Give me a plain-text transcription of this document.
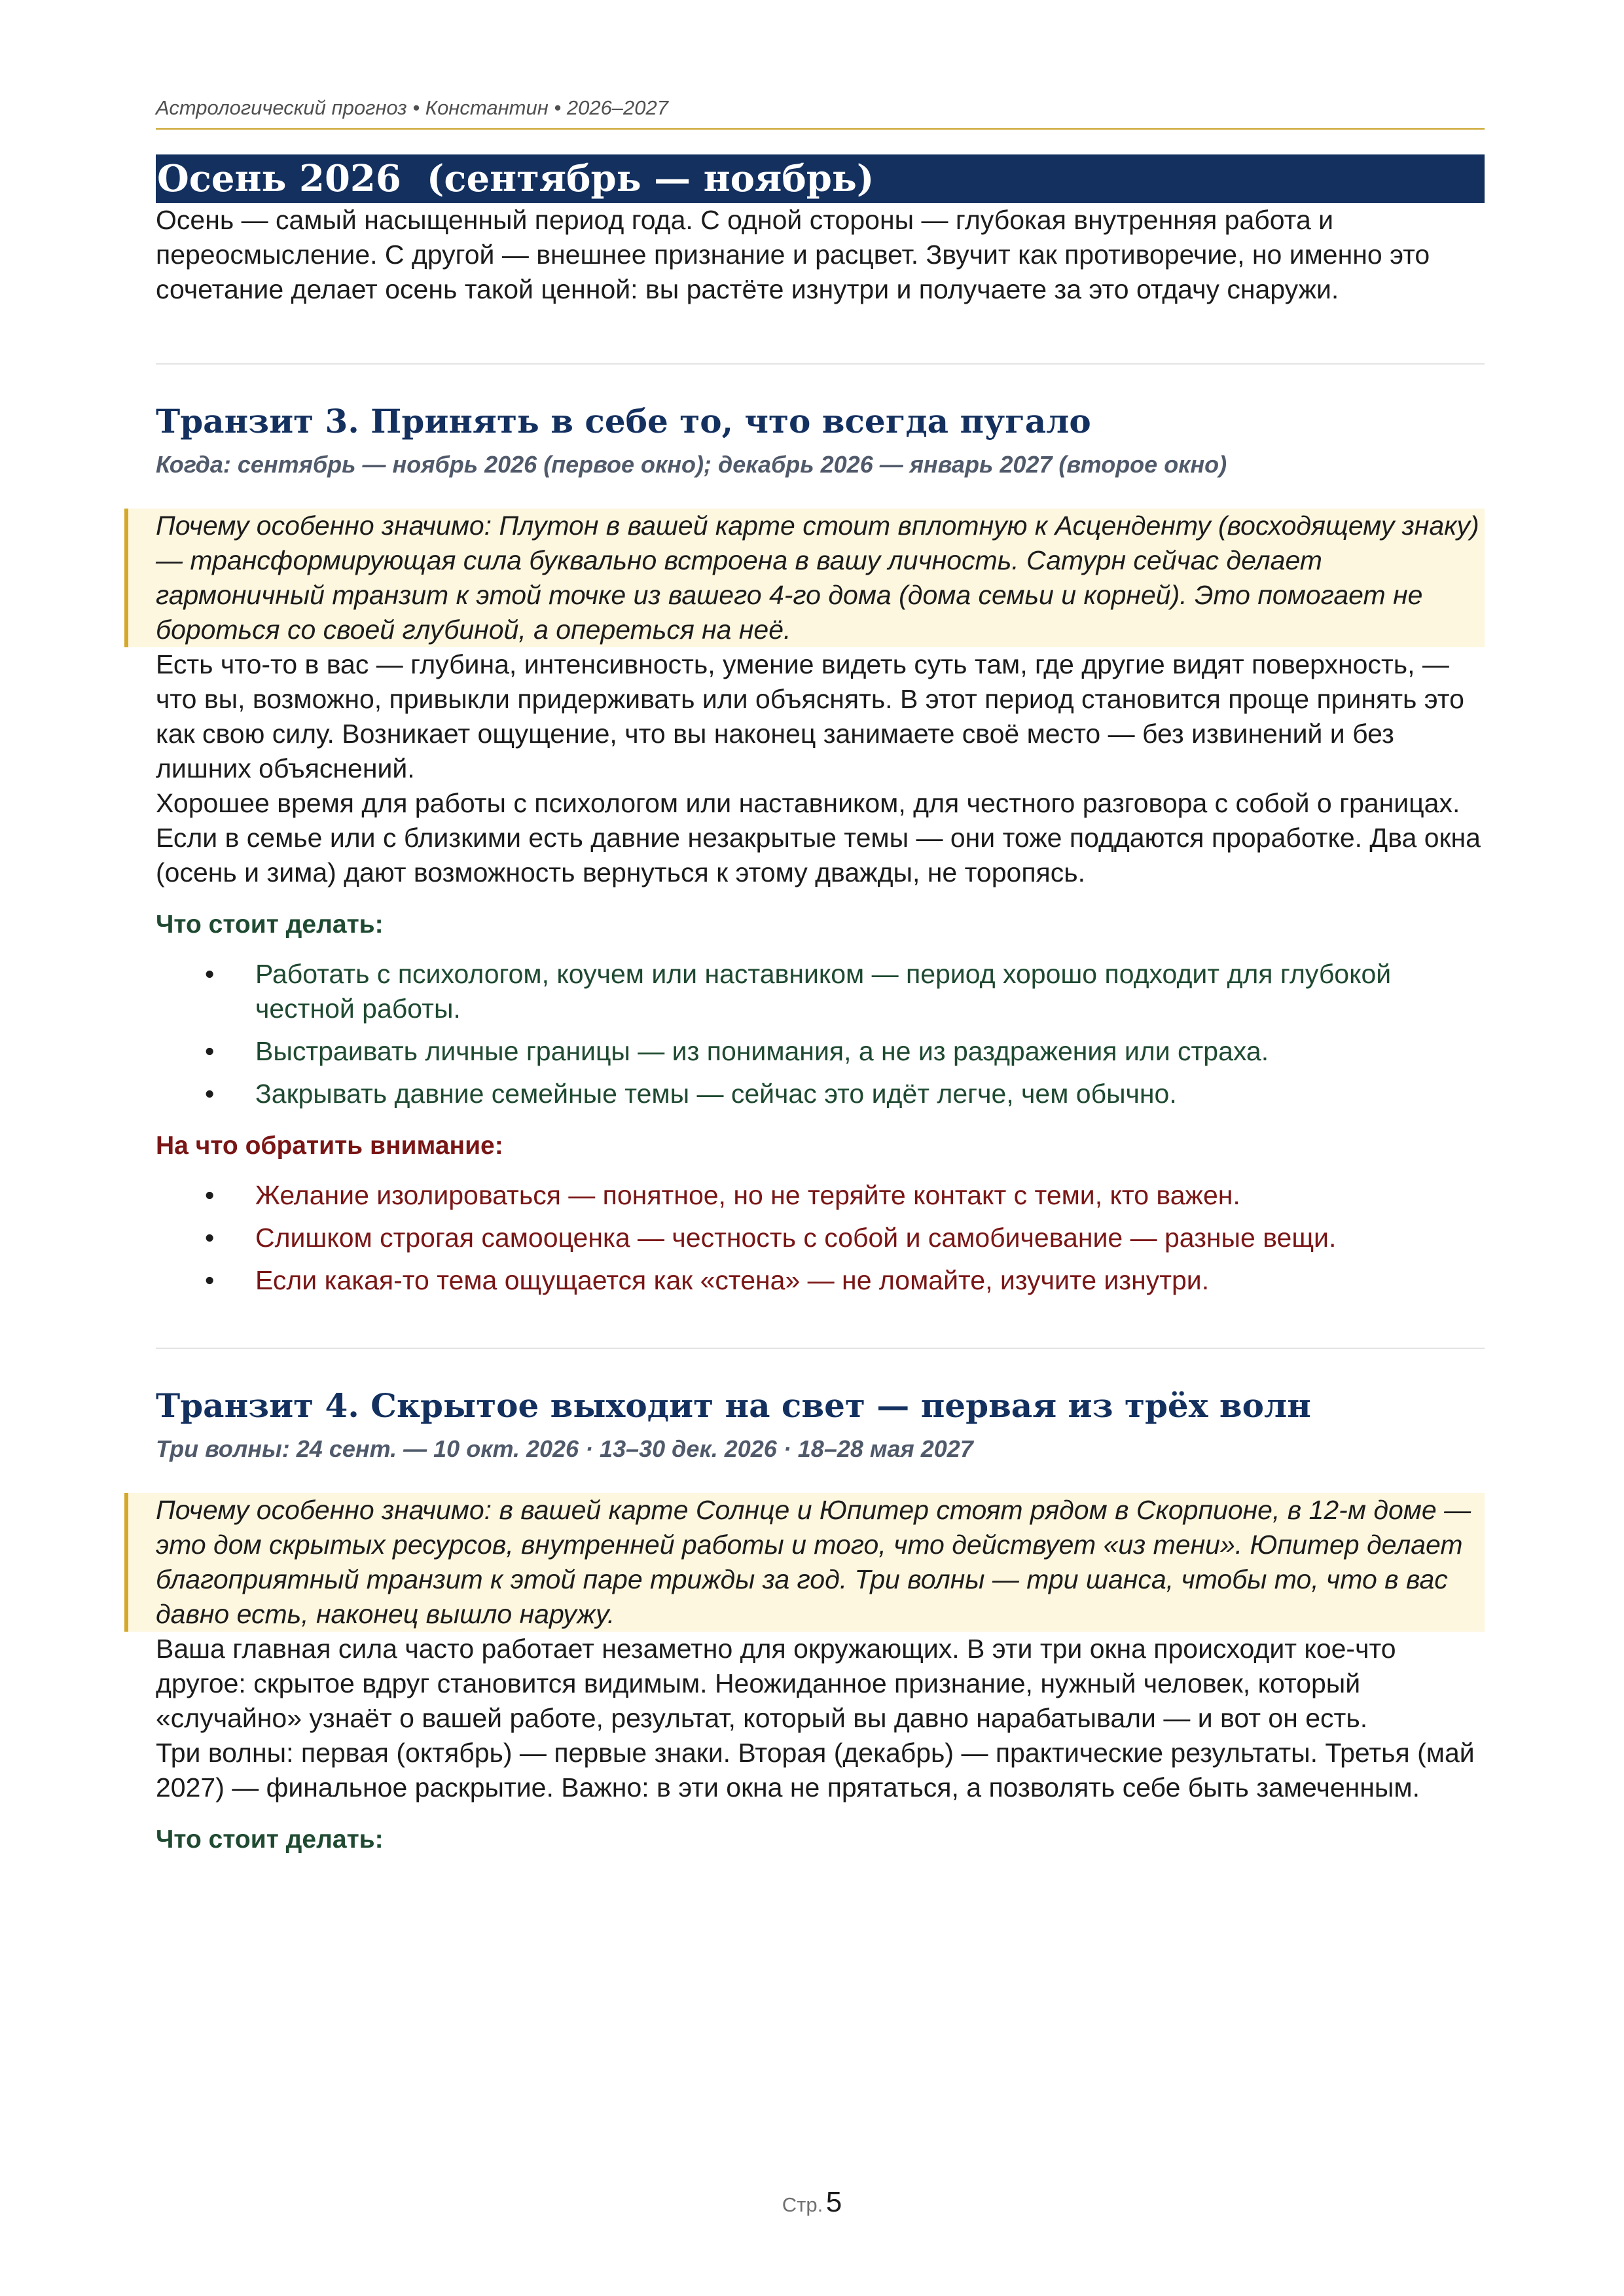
Астрологический прогноз • Константин • 2026–2027
Осень 2026  (сентябрь — ноябрь)

Осень — самый насыщенный период года. С одной стороны — глубокая внутренняя работа и переосмысление. С другой — внешнее признание и расцвет. Звучит как противоречие, но именно это сочетание делает осень такой ценной: вы растёте изнутри и получаете за это отдачу снаружи.

Транзит 3. Принять в себе то, что всегда пугало
Когда: сентябрь — ноябрь 2026 (первое окно); декабрь 2026 — январь 2027 (второе окно)
Почему особенно значимо: Плутон в вашей карте стоит вплотную к Асценденту (восходящему знаку) — трансформирующая сила буквально встроена в вашу личность. Сатурн сейчас делает гармоничный транзит к этой точке из вашего 4-го дома (дома семьи и корней). Это помогает не бороться со своей глубиной, а опереться на неё.

Есть что-то в вас — глубина, интенсивность, умение видеть суть там, где другие видят поверхность, — что вы, возможно, привыкли придерживать или объяснять. В этот период становится проще принять это как свою силу. Возникает ощущение, что вы наконец занимаете своё место — без извинений и без лишних объяснений.

Хорошее время для работы с психологом или наставником, для честного разговора с собой о границах. Если в семье или с близкими есть давние незакрытые темы — они тоже поддаются проработке. Два окна (осень и зима) дают возможность вернуться к этому дважды, не торопясь.

Что стоит делать:
• Работать с психологом, коучем или наставником — период хорошо подходит для глубокой честной работы.
• Выстраивать личные границы — из понимания, а не из раздражения или страха.
• Закрывать давние семейные темы — сейчас это идёт легче, чем обычно.
На что обратить внимание:
• Желание изолироваться — понятное, но не теряйте контакт с теми, кто важен.
• Слишком строгая самооценка — честность с собой и самобичевание — разные вещи.
• Если какая-то тема ощущается как «стена» — не ломайте, изучите изнутри.
Транзит 4. Скрытое выходит на свет — первая из трёх волн
Три волны: 24 сент. — 10 окт. 2026 · 13–30 дек. 2026 · 18–28 мая 2027
Почему особенно значимо: в вашей карте Солнце и Юпитер стоят рядом в Скорпионе, в 12-м доме — это дом скрытых ресурсов, внутренней работы и того, что действует «из тени». Юпитер делает благоприятный транзит к этой паре трижды за год. Три волны — три шанса, чтобы то, что в вас давно есть, наконец вышло наружу.

Ваша главная сила часто работает незаметно для окружающих. В эти три окна происходит кое-что другое: скрытое вдруг становится видимым. Неожиданное признание, нужный человек, который «случайно» узнаёт о вашей работе, результат, который вы давно нарабатывали — и вот он есть.

Три волны: первая (октябрь) — первые знаки. Вторая (декабрь) — практические результаты. Третья (май 2027) — финальное раскрытие. Важно: в эти окна не прятаться, а позволять себе быть замеченным.

Что стоит делать:
Стр. 5
